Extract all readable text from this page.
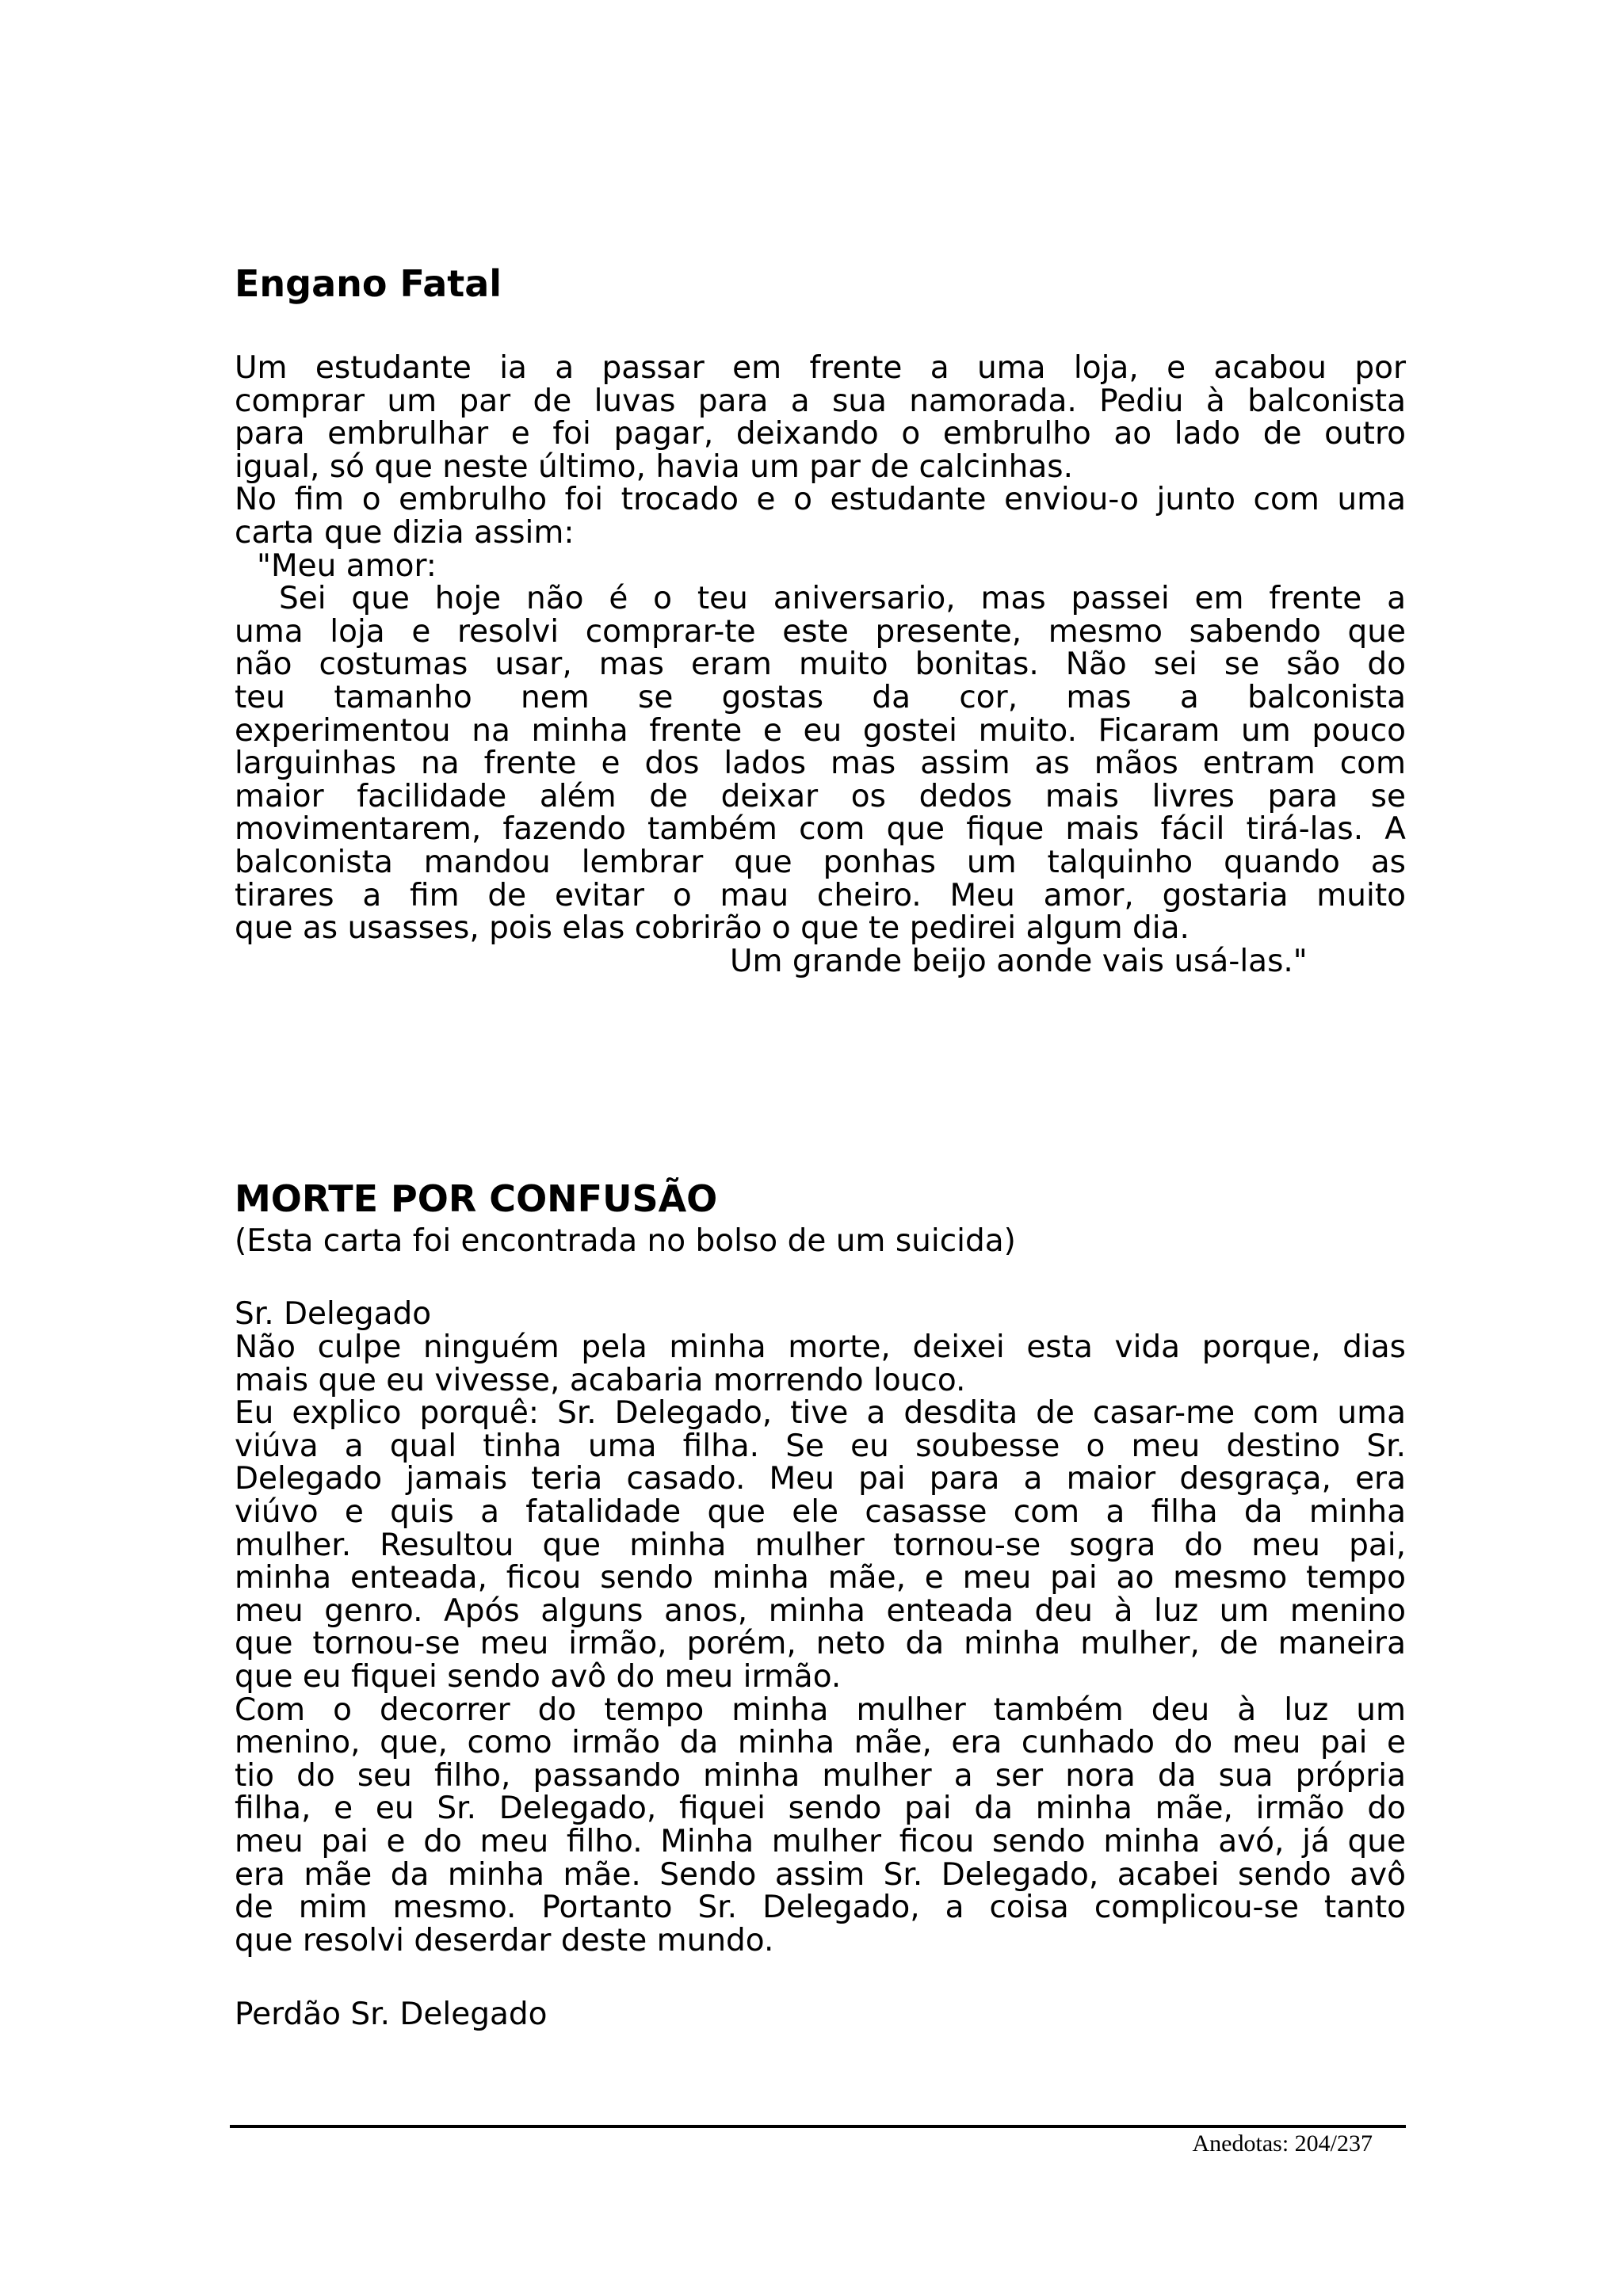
Engano Fatal
Um estudante ia a passar em frente a uma loja, e acabou por
comprar um par de luvas para a sua namorada. Pediu à balconista
para embrulhar e foi pagar, deixando o embrulho ao lado de outro
igual, só que neste último, havia um par de calcinhas.
No fim o embrulho foi trocado e o estudante enviou-o junto com uma
carta que dizia assim:
"Meu amor:
Sei que hoje não é o teu aniversario, mas passei em frente a
uma loja e resolvi comprar-te este presente, mesmo sabendo que
não costumas usar, mas eram muito bonitas. Não sei se são do
teu tamanho nem se gostas da cor, mas a balconista
experimentou na minha frente e eu gostei muito. Ficaram um pouco
larguinhas na frente e dos lados mas assim as mãos entram com
maior facilidade além de deixar os dedos mais livres para se
movimentarem, fazendo também com que fique mais fácil tirá-las. A
balconista mandou lembrar que ponhas um talquinho quando as
tirares a fim de evitar o mau cheiro. Meu amor, gostaria muito
que as usasses, pois elas cobrirão o que te pedirei algum dia.
Um grande beijo aonde vais usá-las."
MORTE POR CONFUSÃO
(Esta carta foi encontrada no bolso de um suicida)
Sr. Delegado
Não culpe ninguém pela minha morte, deixei esta vida porque, dias
mais que eu vivesse, acabaria morrendo louco.
Eu explico porquê: Sr. Delegado, tive a desdita de casar-me com uma
viúva a qual tinha uma filha. Se eu soubesse o meu destino Sr.
Delegado jamais teria casado. Meu pai para a maior desgraça, era
viúvo e quis a fatalidade que ele casasse com a filha da minha
mulher. Resultou que minha mulher tornou-se sogra do meu pai,
minha enteada, ficou sendo minha mãe, e meu pai ao mesmo tempo
meu genro. Após alguns anos, minha enteada deu à luz um menino
que tornou-se meu irmão, porém, neto da minha mulher, de maneira
que eu fiquei sendo avô do meu irmão.
Com o decorrer do tempo minha mulher também deu à luz um
menino, que, como irmão da minha mãe, era cunhado do meu pai e
tio do seu filho, passando minha mulher a ser nora da sua própria
filha, e eu Sr. Delegado, fiquei sendo pai da minha mãe, irmão do
meu pai e do meu filho. Minha mulher ficou sendo minha avó, já que
era mãe da minha mãe. Sendo assim Sr. Delegado, acabei sendo avô
de mim mesmo. Portanto Sr. Delegado, a coisa complicou-se tanto
que resolvi deserdar deste mundo.
Perdão Sr. Delegado
Anedotas: 204/237
